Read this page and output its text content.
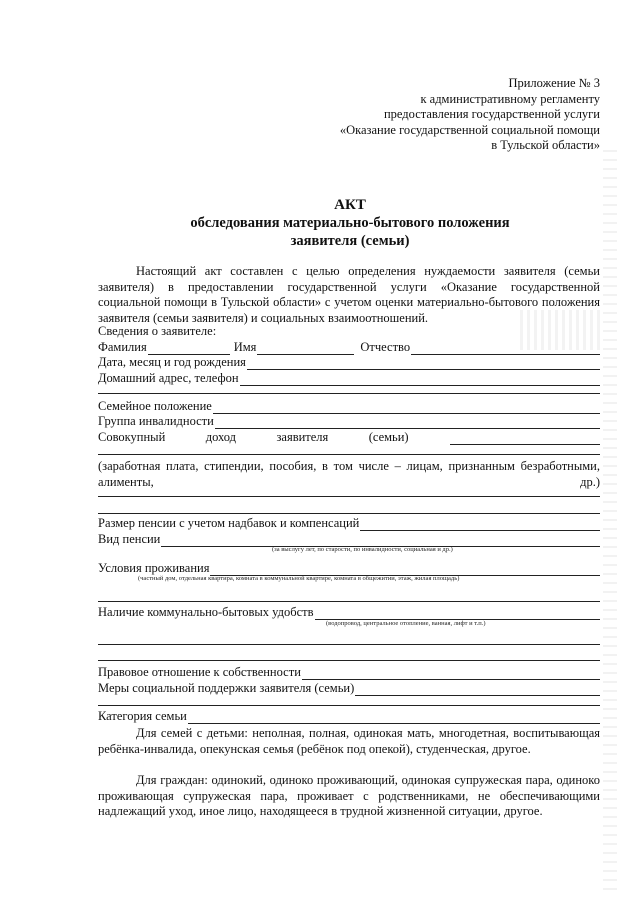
Приложение № 3
к административному регламенту
предоставления государственной услуги
«Оказание государственной социальной помощи
в Тульской области»
АКТ
обследования материально-бытового положения
заявителя (семьи)
Настоящий акт составлен с целью определения нуждаемости заявителя (семьи заявителя) в предоставлении государственной услуги «Оказание государственной социальной помощи в Тульской области» с учетом оценки материально-бытового положения заявителя (семьи заявителя) и социальных взаимоотношений.
Сведения о заявителе:
Фамилия	Имя	Отчество
Дата, месяц и год рождения
Домашний адрес, телефон
Семейное положение
Группа инвалидности
Совокупный	доход	заявителя	(семьи)
(заработная плата, стипендии, пособия, в том числе – лицам, признанным безработными, алименты,	др.)
Размер пенсии с учетом надбавок и компенсаций
Вид пенсии
(за выслугу лет, по старости, по инвалидности, социальная и др.)
Условия проживания
(частный дом, отдельная квартира, комната в коммунальной квартире, комната в общежитии, этаж, жилая площадь)
Наличие коммунально-бытовых удобств
(водопровод, центральное отопление, ванная, лифт и т.п.)
Правовое отношение к собственности
Меры социальной поддержки заявителя (семьи)
Категория семьи
Для семей с детьми: неполная, полная, одинокая мать, многодетная, воспитывающая ребёнка-инвалида, опекунская семья (ребёнок под опекой), студенческая, другое.
Для граждан: одинокий, одиноко проживающий, одинокая супружеская пара, одиноко проживающая супружеская пара, проживает с родственниками, не обеспечивающими надлежащий уход, иное лицо, находящееся в трудной жизненной ситуации, другое.
